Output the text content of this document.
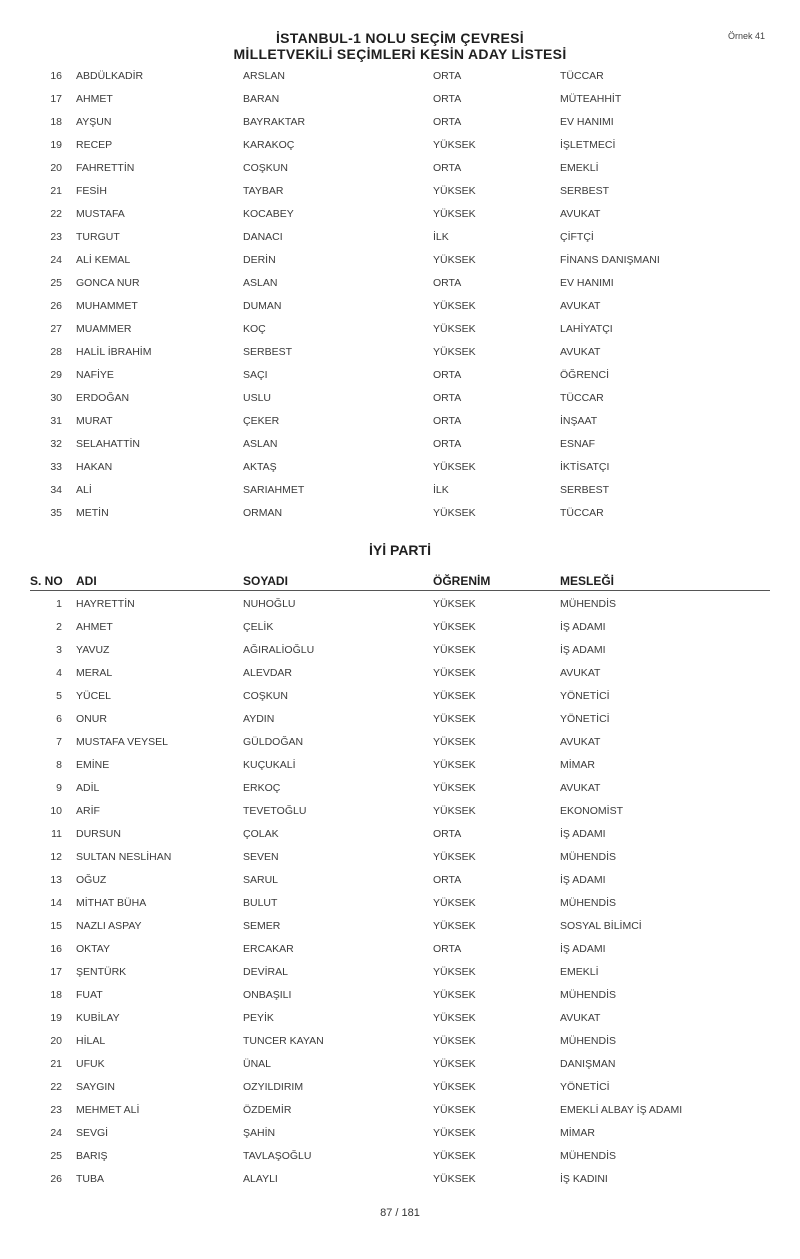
İSTANBUL-1 NOLU SEÇİM ÇEVRESİ
MİLLETVEKİLİ SEÇİMLERİ KESİN ADAY LİSTESİ
Örnek 41
16 ABDÜLKADİR	ARSLAN	ORTA	TÜCCAR
17 AHMET	BARAN	ORTA	MÜTEAHHİT
18 AYŞUN	BAYRAKTAR	ORTA	EV HANIMI
19 RECEP	KARAKOÇ	YÜKSEK	İŞLETMECİ
20 FAHRETTİN	COŞKUN	ORTA	EMEKLİ
21 FESİH	TAYBAR	YÜKSEK	SERBEST
22 MUSTAFA	KOCABEY	YÜKSEK	AVUKAT
23 TURGUT	DANACI	İLK	ÇİFTÇİ
24 ALİ KEMAL	DERİN	YÜKSEK	FİNANS DANIŞMANI
25 GONCA NUR	ASLAN	ORTA	EV HANIMI
26 MUHAMMET	DUMAN	YÜKSEK	AVUKAT
27 MUAMMER	KOÇ	YÜKSEK	LAHİYATÇI
28 HALİL İBRAHİM	SERBEST	YÜKSEK	AVUKAT
29 NAFİYE	SAÇI	ORTA	ÖĞRENCİ
30 ERDOĞAN	USLU	ORTA	TÜCCAR
31 MURAT	ÇEKER	ORTA	İNŞAAT
32 SELAHATTİN	ASLAN	ORTA	ESNAF
33 HAKAN	AKTAŞ	YÜKSEK	İKTİSATÇI
34 ALİ	SARIAHMET	İLK	SERBEST
35 METİN	ORMAN	YÜKSEK	TÜCCAR
İYİ PARTİ
S. NO ADI	SOYADI	ÖĞRENİM	MESLEĞİ
1 HAYRETTİN	NUHOĞLU	YÜKSEK	MÜHENDİS
2 AHMET	ÇELİK	YÜKSEK	İŞ ADAMI
3 YAVUZ	AĞIRALİOĞLU	YÜKSEK	İŞ ADAMI
4 MERAL	ALEVDAR	YÜKSEK	AVUKAT
5 YÜCEL	COŞKUN	YÜKSEK	YÖNETİCİ
6 ONUR	AYDIN	YÜKSEK	YÖNETİCİ
7 MUSTAFA VEYSEL	GÜLDOĞAN	YÜKSEK	AVUKAT
8 EMİNE	KUÇUKALİ	YÜKSEK	MİMAR
9 ADİL	ERKOÇ	YÜKSEK	AVUKAT
10 ARİF	TEVETOĞLU	YÜKSEK	EKONOMİST
11 DURSUN	ÇOLAK	ORTA	İŞ ADAMI
12 SULTAN NESLİHAN	SEVEN	YÜKSEK	MÜHENDİS
13 OĞUZ	SARUL	ORTA	İŞ ADAMI
14 MİTHAT BÜHA	BULUT	YÜKSEK	MÜHENDİS
15 NAZLI ASPAY	SEMER	YÜKSEK	SOSYAL BİLİMCİ
16 OKTAY	ERCAKAR	ORTA	İŞ ADAMI
17 ŞENTÜRK	DEVİRAL	YÜKSEK	EMEKLİ
18 FUAT	ONBAŞILI	YÜKSEK	MÜHENDİS
19 KUBİLAY	PEYİK	YÜKSEK	AVUKAT
20 HİLAL	TUNCER KAYAN	YÜKSEK	MÜHENDİS
21 UFUK	ÜNAL	YÜKSEK	DANIŞMAN
22 SAYGIN	OZYILDIRIM	YÜKSEK	YÖNETİCİ
23 MEHMET ALİ	ÖZDEMİR	YÜKSEK	EMEKLİ ALBAY İŞ ADAMI
24 SEVGİ	ŞAHİN	YÜKSEK	MİMAR
25 BARIŞ	TAVLAŞOĞLU	YÜKSEK	MÜHENDİS
26 TUBA	ALAYLI	YÜKSEK	İŞ KADINI
87 / 181
